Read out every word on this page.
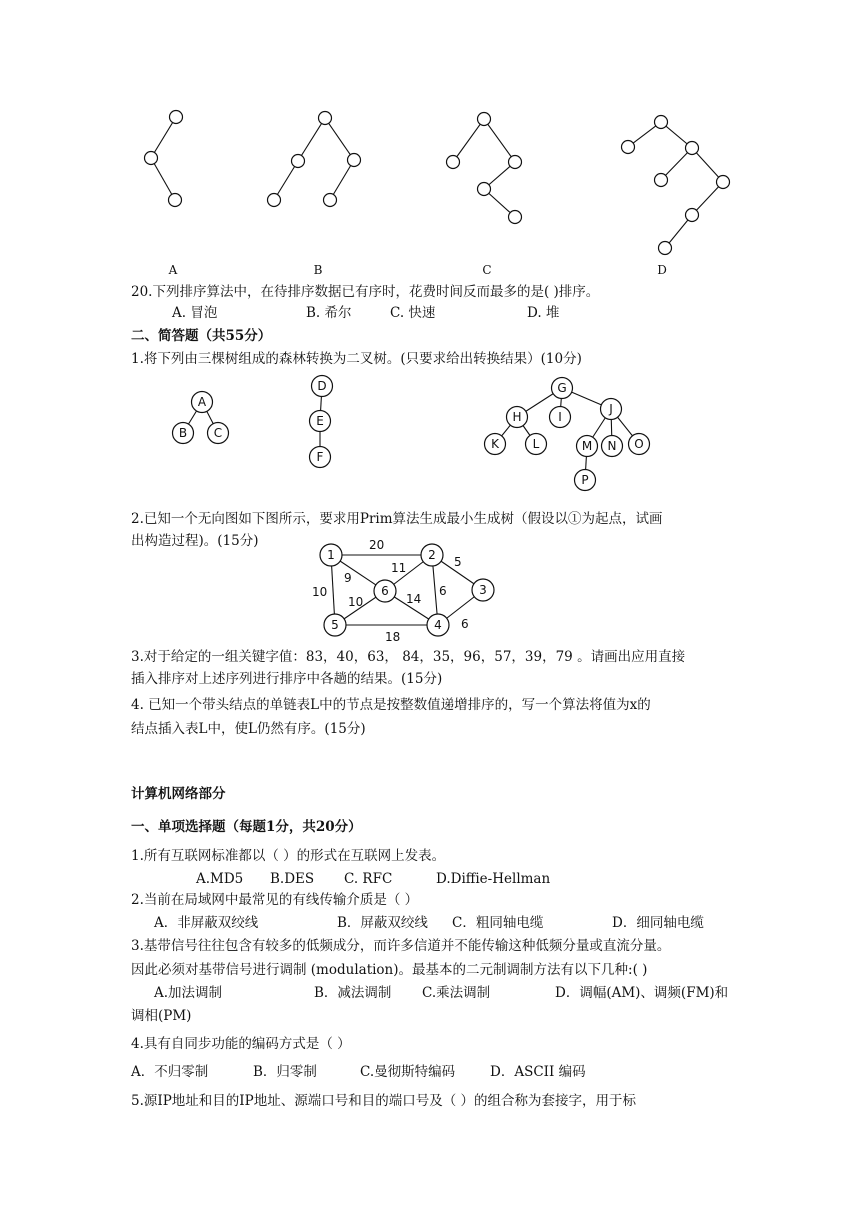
A	B	C	D
20.下列排序算法中，在待排序数据已有序时，花费时间反而最多的是( )排序。
A. 冒泡	B. 希尔	C. 快速	D. 堆
二、简答题（共55分）
1.将下列由三棵树组成的森林转换为二叉树。(只要求给出转换结果）(10分)
A
B C
D
E
F
G
H	I
J
K	L	M N O
P
2.已知一个无向图如下图所示，要求用Prim算法生成最小生成树（假设以①为起点，试画
出构造过程)。(15分)	20
9
10
11	5
6
10	14
6
18
1	2
3
4
5
6
3.对于给定的一组关键字值：83，40，63， 84，35，96，57，39，79 。请画出应用直接
插入排序对上述序列进行排序中各趟的结果。(15分)
4. 已知一个带头结点的单链表L中的节点是按整数值递增排序的，写一个算法将值为x的
结点插入表L中，使L仍然有序。(15分)
计算机网络部分
一、单项选择题（每题1分，共20分）
1.所有互联网标准都以（ ）的形式在互联网上发表。
A.MD5 B.DES C. RFC	D.Diffie-Hellman
2.当前在局域网中最常见的有线传输介质是（ ）
A．非屏蔽双绞线	B．屏蔽双绞线 C．粗同轴电缆	D．细同轴电缆
3.基带信号往往包含有较多的低频成分，而许多信道并不能传输这种低频分量或直流分量。
因此必须对基带信号进行调制 (modulation)。最基本的二元制调制方法有以下几种:( )
A.加法调制	B．减法调制 C.乘法调制	D．调幅(AM)、调频(FM)和
调相(PM)
4.具有自同步功能的编码方式是（ ）
A．不归零制	B．归零制	C.曼彻斯特编码	D．ASCII 编码
5.源IP地址和目的IP地址、源端口号和目的端口号及（ ）的组合称为套接字，用于标
